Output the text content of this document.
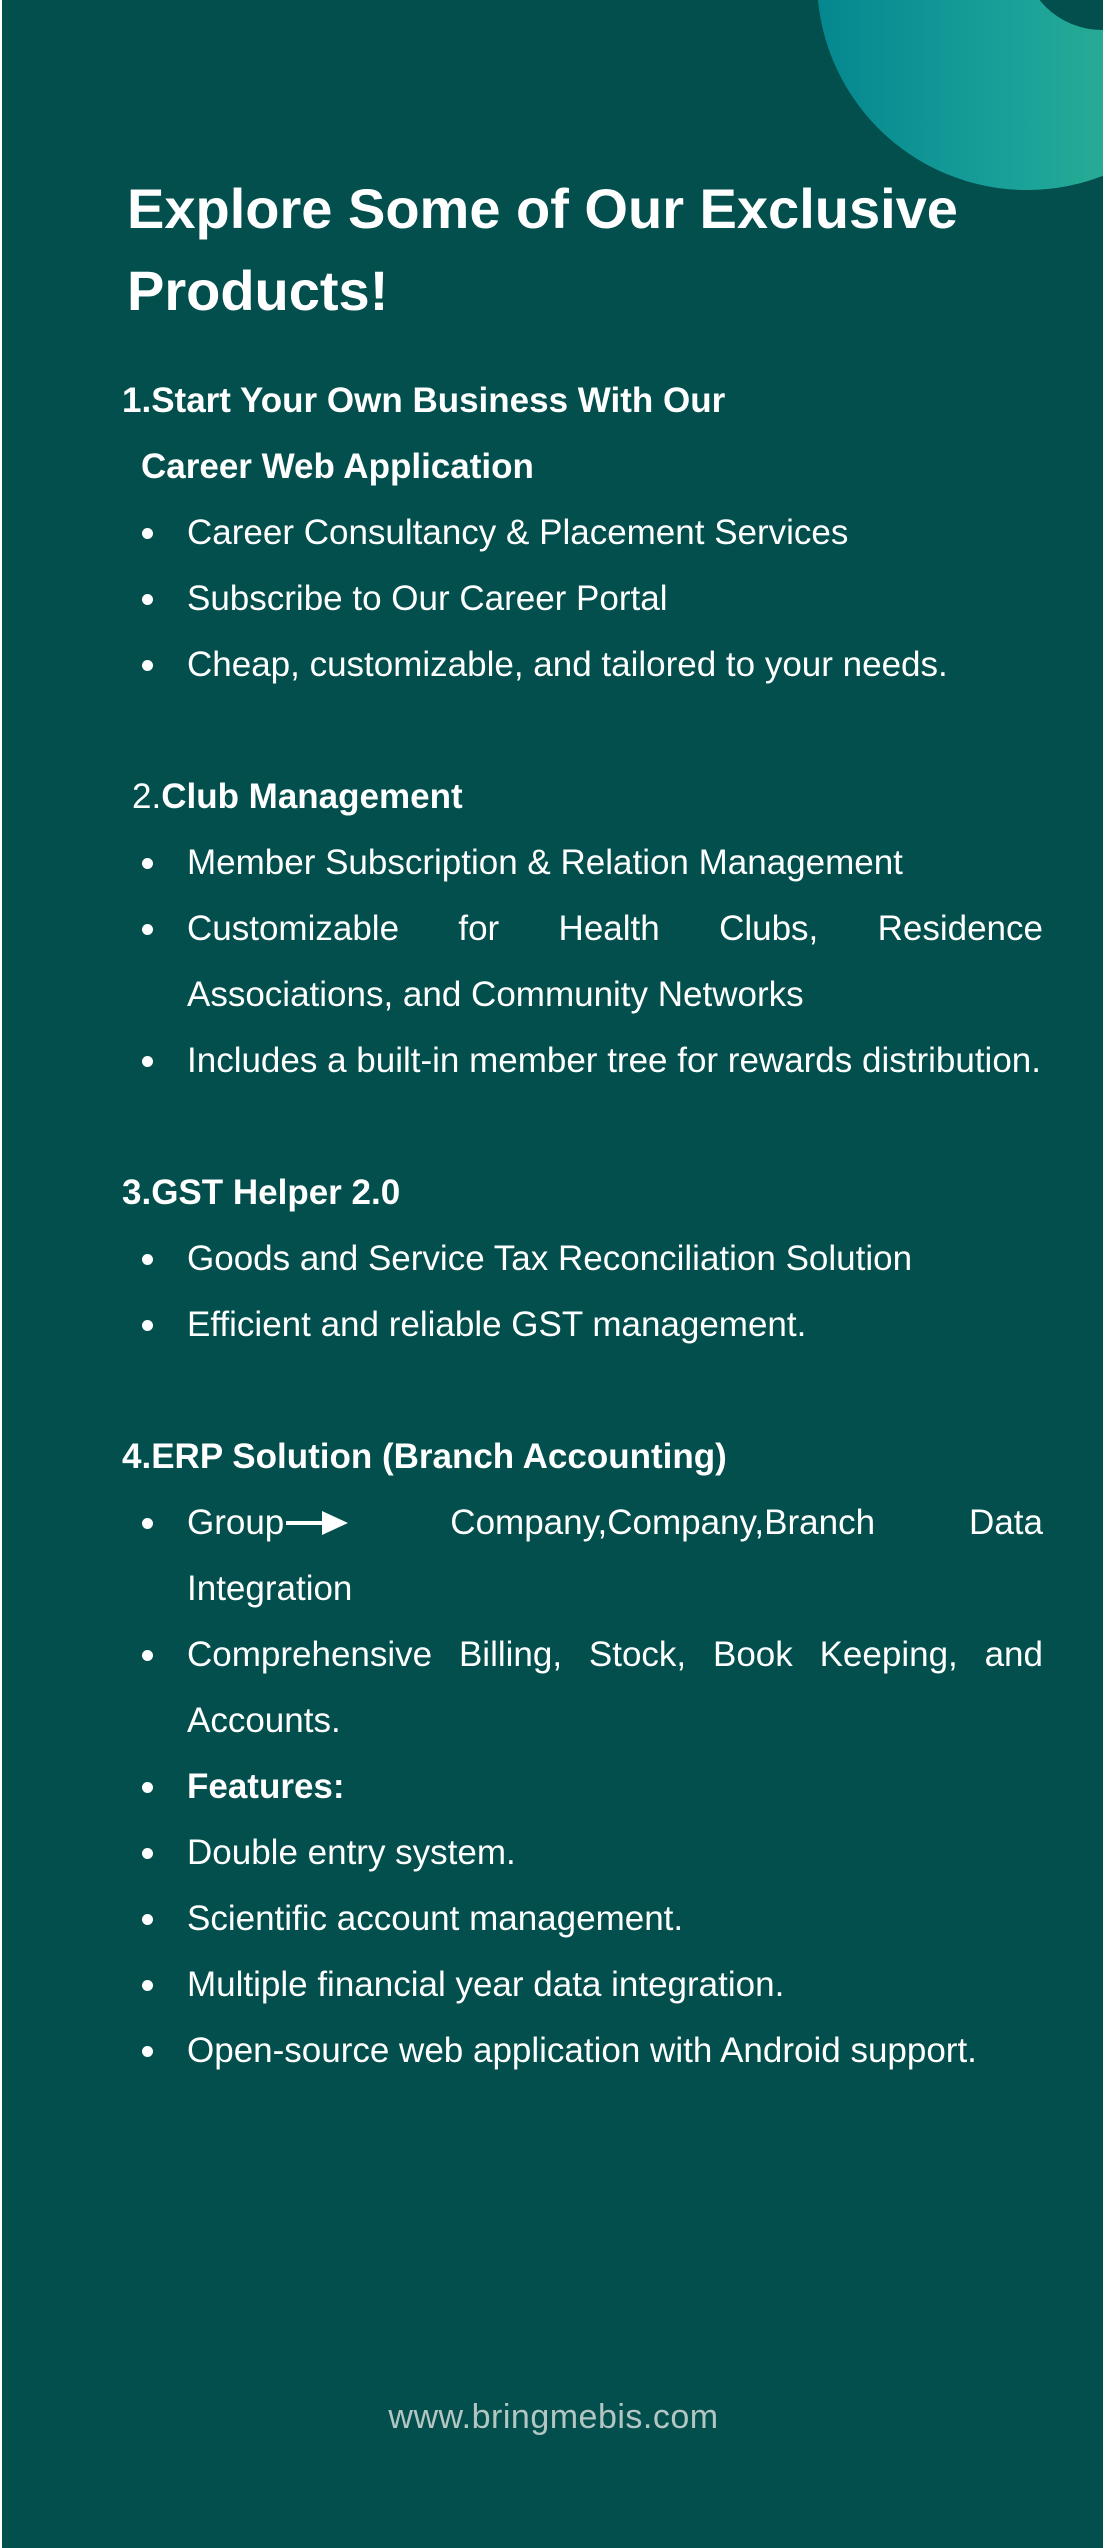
Explore Some of Our Exclusive Products!
1.Start Your Own Business With Our
Career Web Application
Career Consultancy & Placement Services
Subscribe to Our Career Portal
Cheap, customizable, and tailored to your needs.
2.Club Management
Member Subscription & Relation Management
Customizable for Health Clubs, Residence Associations, and Community Networks
Includes a built-in member tree for rewards distribution.
3.GST Helper 2.0
Goods and Service Tax Reconciliation Solution
Efficient and reliable GST management.
4.ERP Solution (Branch Accounting)
Group Company,Company,Branch Data Integration
Comprehensive Billing, Stock, Book Keeping, and Accounts.
Features:
Double entry system.
Scientific account management.
Multiple financial year data integration.
Open-source web application with Android support.
www.bringmebis.com
